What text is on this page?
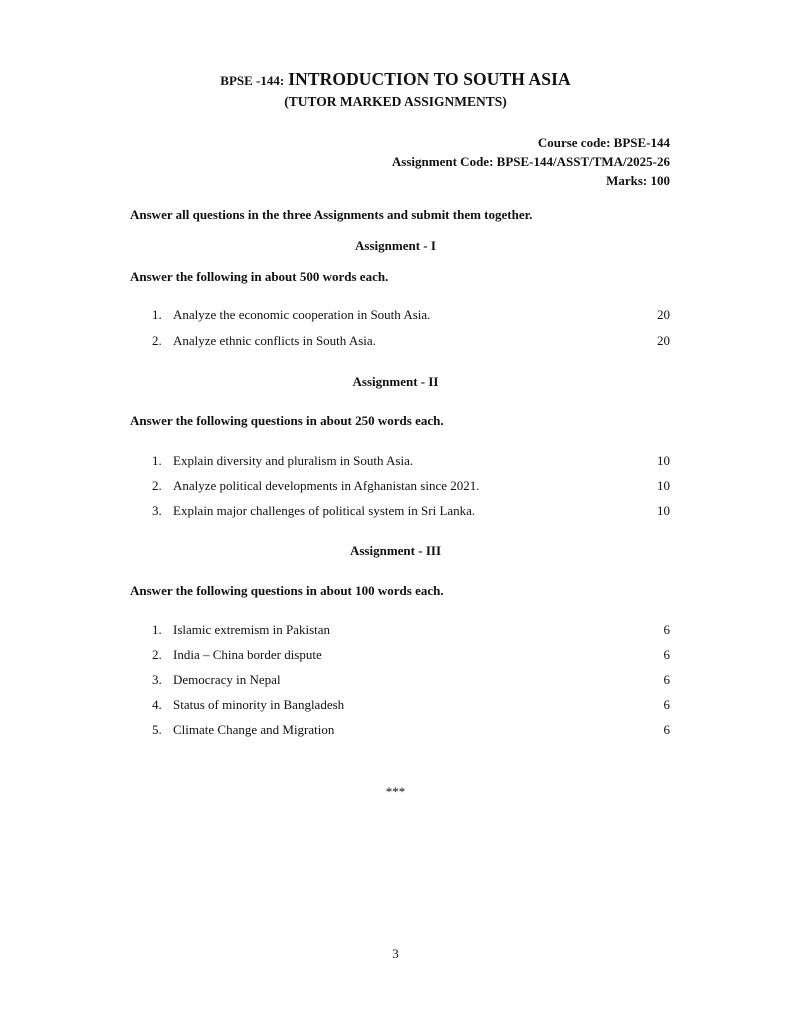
BPSE -144: INTRODUCTION TO SOUTH ASIA
(TUTOR MARKED ASSIGNMENTS)
Course code: BPSE-144
Assignment Code: BPSE-144/ASST/TMA/2025-26
Marks: 100
Answer all questions in the three Assignments and submit them together.
Assignment - I
Answer the following in about 500 words each.
1. Analyze the economic cooperation in South Asia.	20
2. Analyze ethnic conflicts in South Asia.	20
Assignment - II
Answer the following questions in about 250 words each.
1. Explain diversity and pluralism in South Asia.	10
2. Analyze political developments in Afghanistan since 2021.	10
3. Explain major challenges of political system in Sri Lanka.	10
Assignment - III
Answer the following questions in about 100 words each.
1. Islamic extremism in Pakistan	6
2. India – China border dispute	6
3. Democracy in Nepal	6
4. Status of minority in Bangladesh	6
5. Climate Change and Migration	6
***
3
